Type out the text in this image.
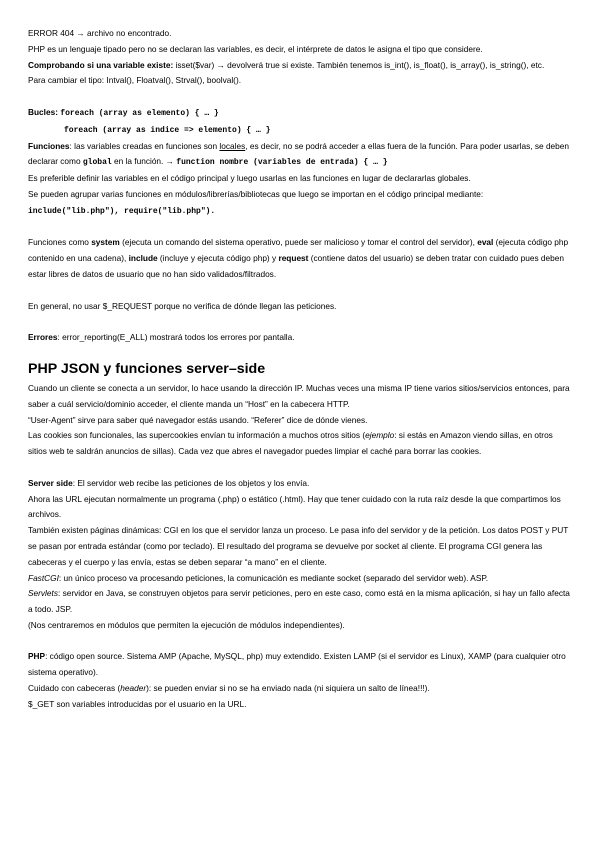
ERROR 404 → archivo no encontrado.

PHP es un lenguaje tipado pero no se declaran las variables, es decir, el intérprete de datos le asigna el tipo que considere.

Comprobando si una variable existe: isset($var) → devolverá true si existe. También tenemos is_int(), is_float(), is_array(), is_string(), etc.

Para cambiar el tipo: Intval(), Floatval(), Strval(), boolval().

Bucles: foreach (array as elemento) { … }

foreach (array as indice => elemento) { … }

Funciones: las variables creadas en funciones son locales, es decir, no se podrá acceder a ellas fuera de la función. Para poder usarlas, se deben declarar como global en la función. → function nombre (variables de entrada) { … }

Es preferible definir las variables en el código principal y luego usarlas en las funciones en lugar de declararlas globales.

Se pueden agrupar varias funciones en módulos/librerías/bibliotecas que luego se importan en el código principal mediante: include("lib.php"), require("lib.php").

Funciones como system (ejecuta un comando del sistema operativo, puede ser malicioso y tomar el control del servidor), eval (ejecuta código php contenido en una cadena), include (incluye y ejecuta código php) y request (contiene datos del usuario) se deben tratar con cuidado pues deben estar libres de datos de usuario que no han sido validados/filtrados.

En general, no usar $_REQUEST porque no verifica de dónde llegan las peticiones.

Errores: error_reporting(E_ALL) mostrará todos los errores por pantalla.

PHP JSON y funciones server–side

Cuando un cliente se conecta a un servidor, lo hace usando la dirección IP. Muchas veces una misma IP tiene varios sitios/servicios entonces, para saber a cuál servicio/dominio acceder, el cliente manda un “Host” en la cabecera HTTP.

“User-Agent” sirve para saber qué navegador estás usando. “Referer” dice de dónde vienes.

Las cookies son funcionales, las supercookies envían tu información a muchos otros sitios (ejemplo: si estás en Amazon viendo sillas, en otros sitios web te saldrán anuncios de sillas). Cada vez que abres el navegador puedes limpiar el caché para borrar las cookies.

Server side: El servidor web recibe las peticiones de los objetos y los envía.

Ahora las URL ejecutan normalmente un programa (.php) o estático (.html). Hay que tener cuidado con la ruta raíz desde la que compartimos los archivos.

También existen páginas dinámicas: CGI en los que el servidor lanza un proceso. Le pasa info del servidor y de la petición. Los datos POST y PUT se pasan por entrada estándar (como por teclado). El resultado del programa se devuelve por socket al cliente. El programa CGI genera las cabeceras y el cuerpo y las envía, estas se deben separar “a mano” en el cliente.

FastCGI: un único proceso va procesando peticiones, la comunicación es mediante socket (separado del servidor web). ASP.

Servlets: servidor en Java, se construyen objetos para servir peticiones, pero en este caso, como está en la misma aplicación, si hay un fallo afecta a todo. JSP.

(Nos centraremos en módulos que permiten la ejecución de módulos independientes).

PHP: código open source. Sistema AMP (Apache, MySQL, php) muy extendido. Existen LAMP (si el servidor es Linux), XAMP (para cualquier otro sistema operativo).

Cuidado con cabeceras (header): se pueden enviar si no se ha enviado nada (ni siquiera un salto de línea!!!).

$_GET son variables introducidas por el usuario en la URL.
